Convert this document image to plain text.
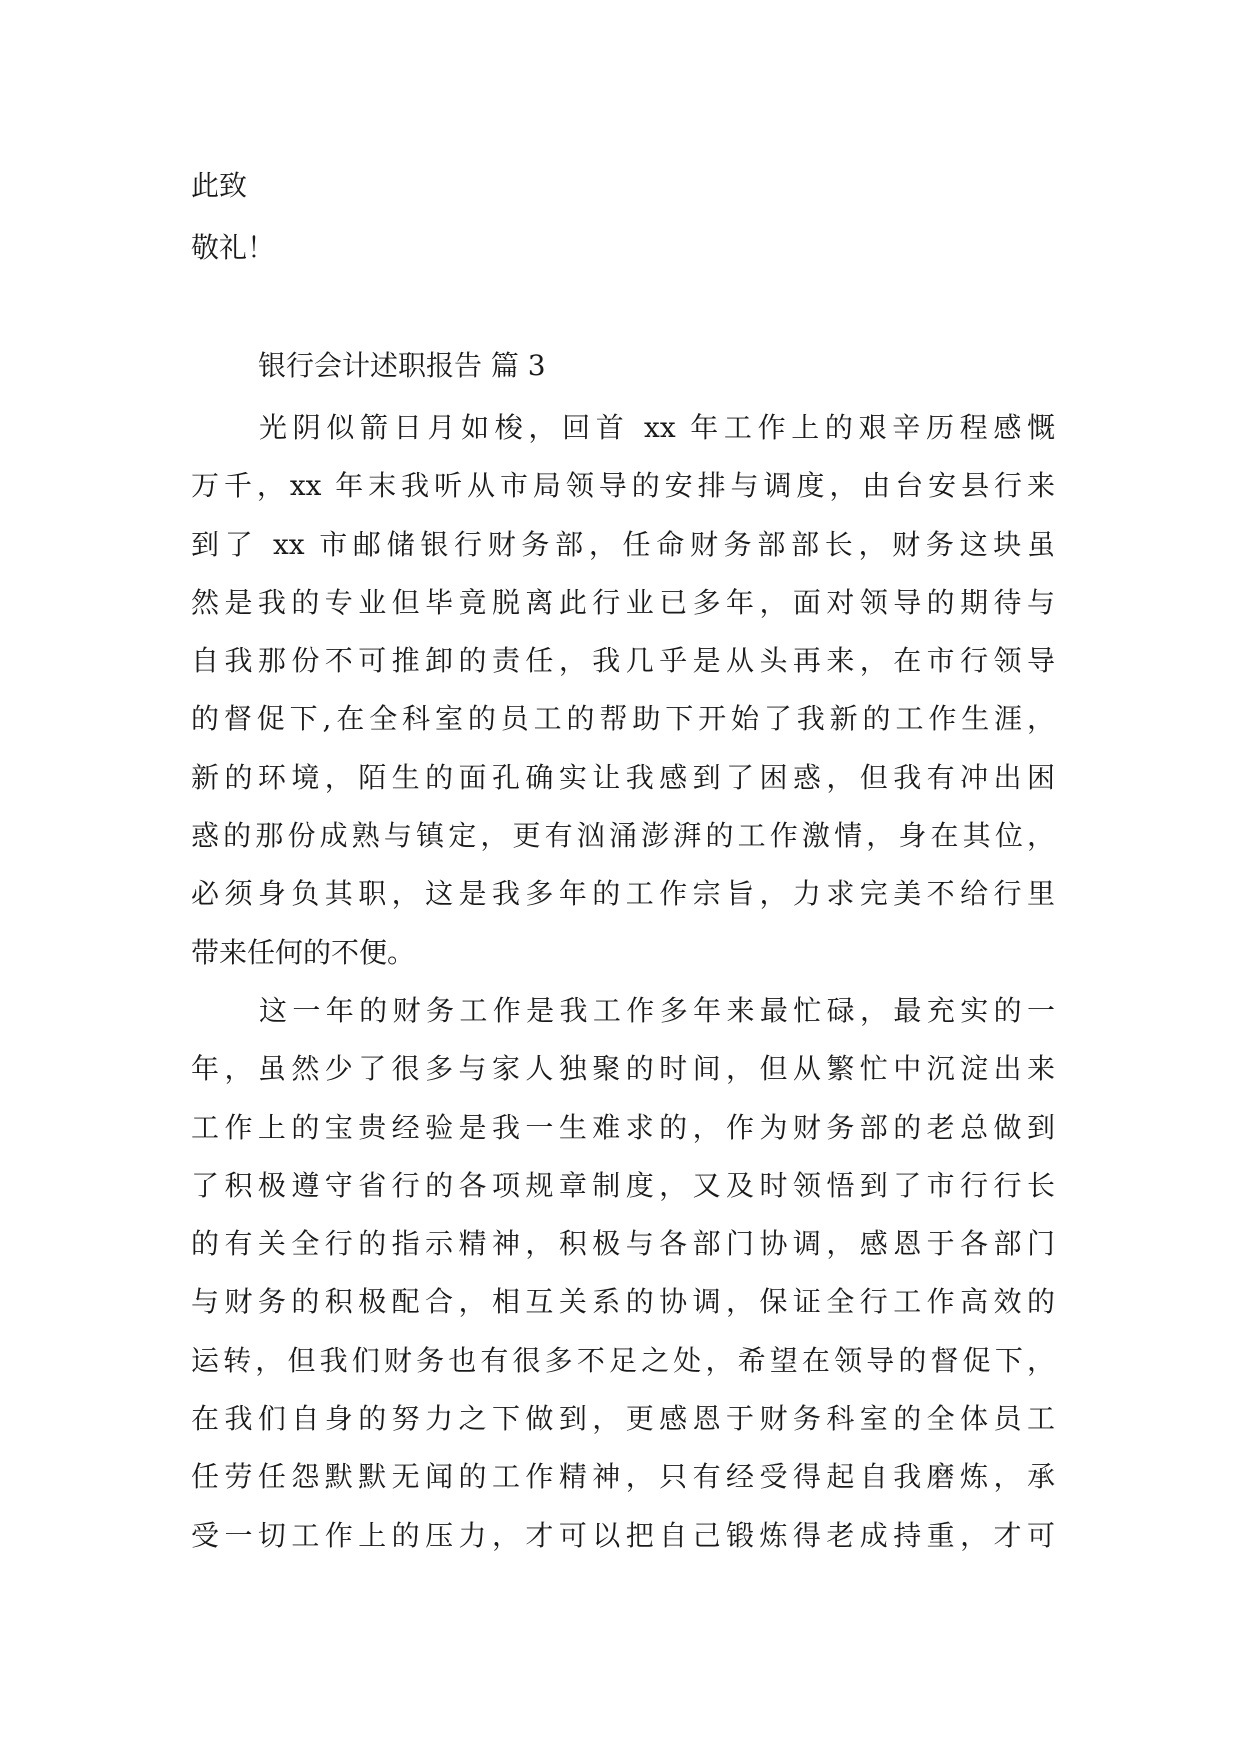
此致
敬礼！
银行会计述职报告 篇 3
光阴似箭日月如梭，回首 xx 年工作上的艰辛历程感慨
万千，xx 年末我听从市局领导的安排与调度，由台安县行来
到了 xx 市邮储银行财务部，任命财务部部长，财务这块虽
然是我的专业但毕竟脱离此行业已多年，面对领导的期待与
自我那份不可推卸的责任，我几乎是从头再来，在市行领导
的督促下,在全科室的员工的帮助下开始了我新的工作生涯，
新的环境，陌生的面孔确实让我感到了困惑，但我有冲出困
惑的那份成熟与镇定，更有汹涌澎湃的工作激情，身在其位，
必须身负其职，这是我多年的工作宗旨，力求完美不给行里
带来任何的不便。
这一年的财务工作是我工作多年来最忙碌，最充实的一
年，虽然少了很多与家人独聚的时间，但从繁忙中沉淀出来
工作上的宝贵经验是我一生难求的，作为财务部的老总做到
了积极遵守省行的各项规章制度，又及时领悟到了市行行长
的有关全行的指示精神，积极与各部门协调，感恩于各部门
与财务的积极配合，相互关系的协调，保证全行工作高效的
运转，但我们财务也有很多不足之处，希望在领导的督促下，
在我们自身的努力之下做到，更感恩于财务科室的全体员工
任劳任怨默默无闻的工作精神，只有经受得起自我磨炼，承
受一切工作上的压力，才可以把自己锻炼得老成持重，才可
